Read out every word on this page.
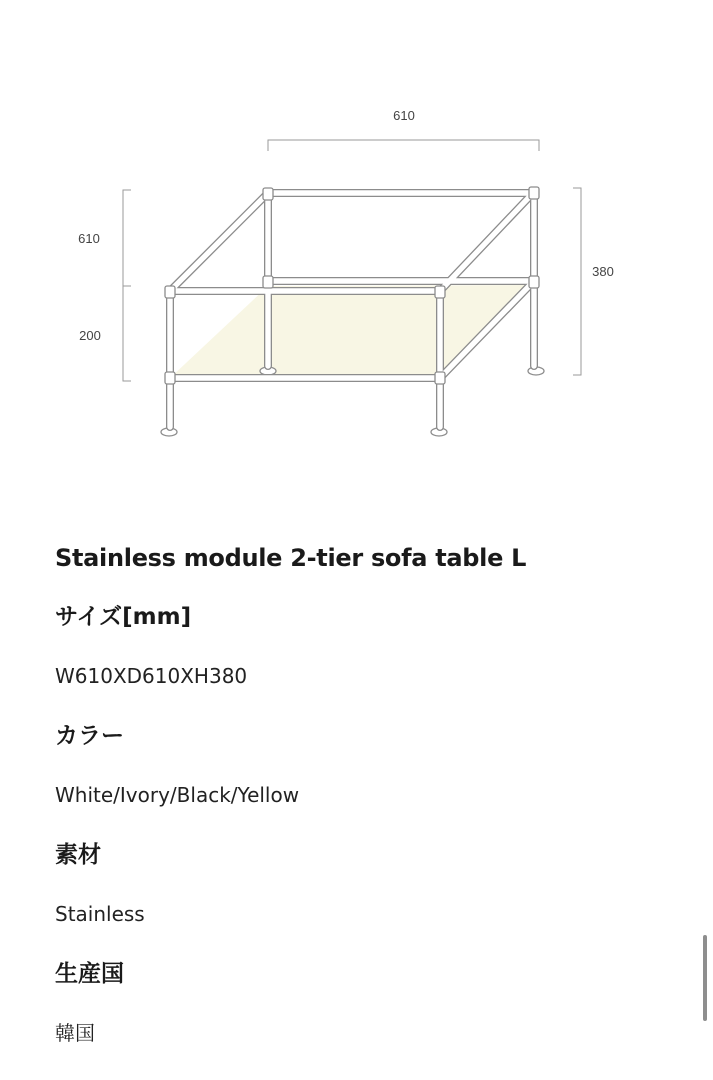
610
610
200
380
Stainless module 2-tier sofa table L
サイズ[mm]

W610XD610XH380

カラー

White/Ivory/Black/Yellow

素材

Stainless

生産国

韓国
